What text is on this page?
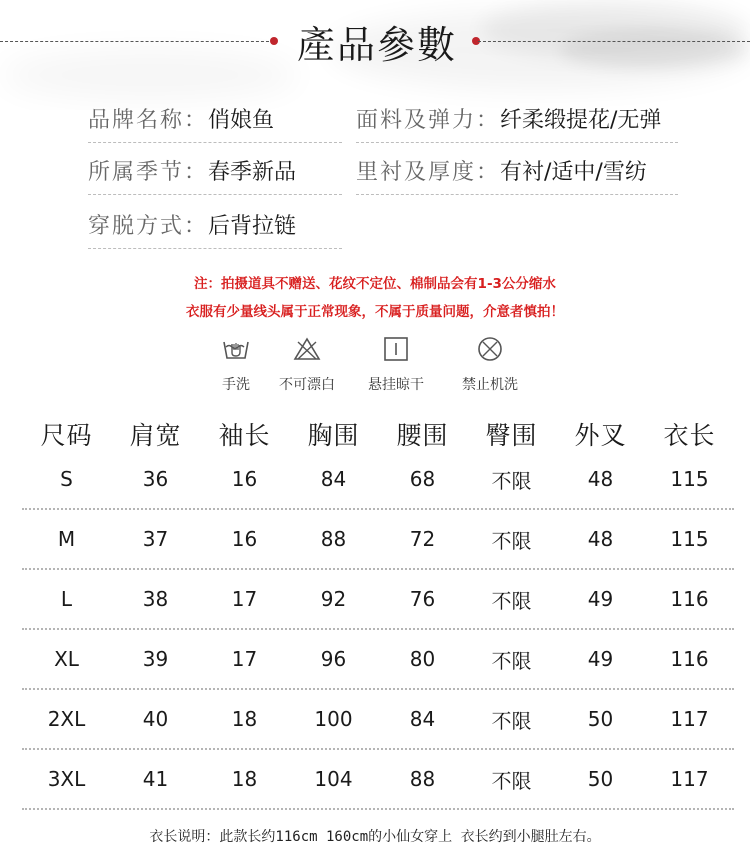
產品參數
品牌名称：俏娘鱼	面料及弹力：纤柔缎提花/无弹
所属季节：春季新品	里衬及厚度：有衬/适中/雪纺
穿脱方式：后背拉链
注：拍摄道具不赠送、花纹不定位、棉制品会有1-3公分缩水
衣服有少量线头属于正常现象，不属于质量问题，介意者慎拍！
手洗	不可漂白	悬挂晾干	禁止机洗
尺码	肩宽	袖长	胸围	腰围	臀围	外叉	衣长
S	36	16	84	68	不限	48	115
M	37	16	88	72	不限	48	115
L	38	17	92	76	不限	49	116
XL	39	17	96	80	不限	49	116
2XL	40	18	100	84	不限	50	117
3XL	41	18	104	88	不限	50	117
衣长说明：此款长约116cm 160cm的小仙女穿上 衣长约到小腿肚左右。
